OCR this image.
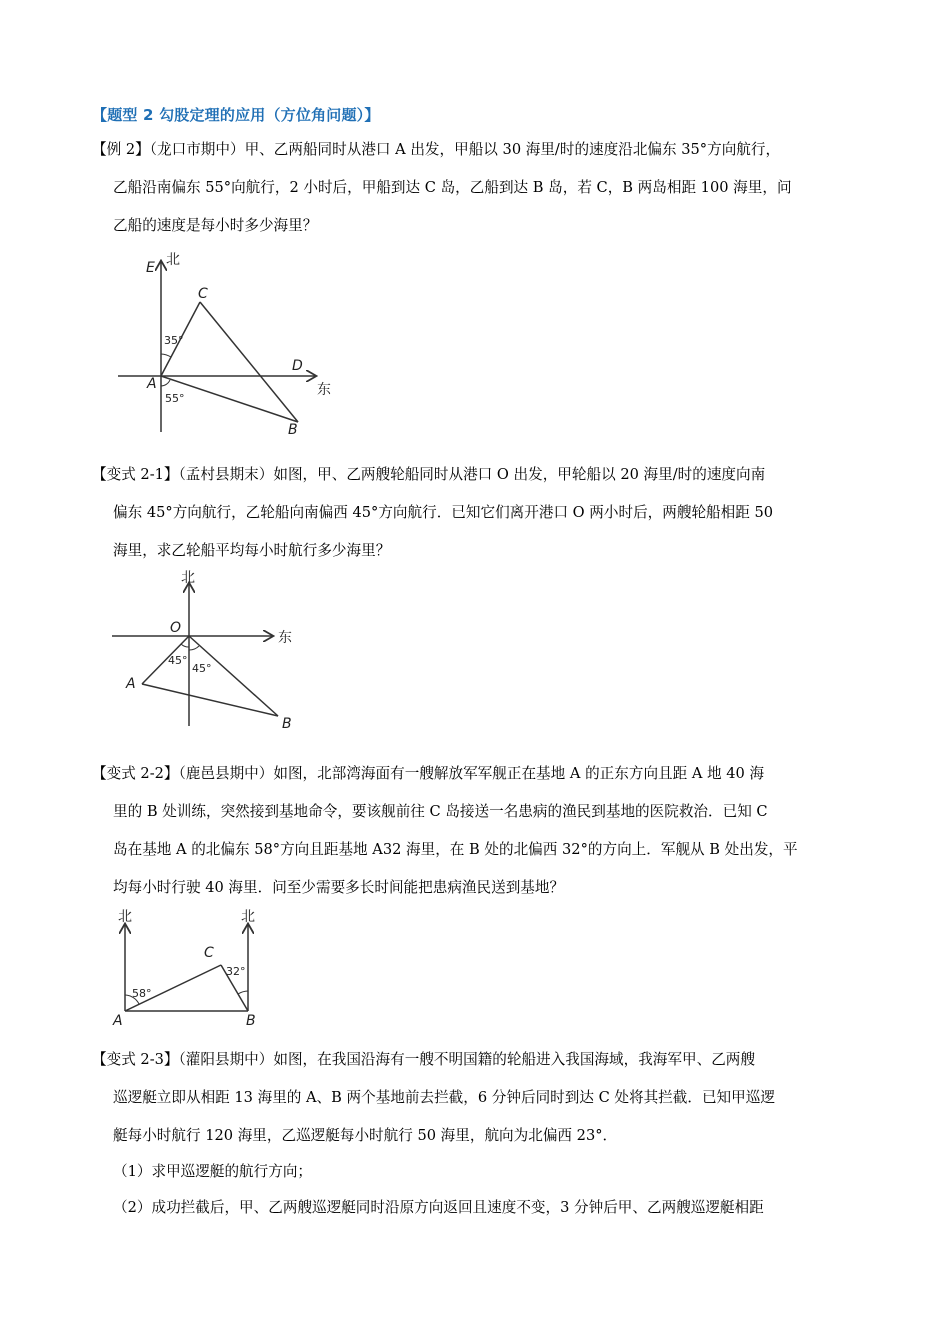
【题型 2 勾股定理的应用（方位角问题）】
【例 2】（龙口市期中）甲、乙两船同时从港口 A 出发，甲船以 30 海里/时的速度沿北偏东 35°方向航行，
乙船沿南偏东 55°向航行，2 小时后，甲船到达 C 岛，乙船到达 B 岛，若 C，B 两岛相距 100 海里，问
乙船的速度是每小时多少海里？
E 北
C
35°
D
A	东
55°
B
【变式 2-1】（孟村县期末）如图，甲、乙两艘轮船同时从港口 O 出发，甲轮船以 20 海里/时的速度向南
偏东 45°方向航行，乙轮船向南偏西 45°方向航行．已知它们离开港口 O 两小时后，两艘轮船相距 50
海里，求乙轮船平均每小时航行多少海里？
北
O
东
45°
45°
A
B
【变式 2-2】（鹿邑县期中）如图，北部湾海面有一艘解放军军舰正在基地 A 的正东方向且距 A 地 40 海
里的 B 处训练，突然接到基地命令，要该舰前往 C 岛接送一名患病的渔民到基地的医院救治．已知 C
岛在基地 A 的北偏东 58°方向且距基地 A32 海里，在 B 处的北偏西 32°的方向上．军舰从 B 处出发，平
均每小时行驶 40 海里．问至少需要多长时间能把患病渔民送到基地？
北	北
C
32°
58°
A	B
【变式 2-3】（灌阳县期中）如图，在我国沿海有一艘不明国籍的轮船进入我国海域，我海军甲、乙两艘
巡逻艇立即从相距 13 海里的 A、B 两个基地前去拦截，6 分钟后同时到达 C 处将其拦截．已知甲巡逻
艇每小时航行 120 海里，乙巡逻艇每小时航行 50 海里，航向为北偏西 23°．
（1）求甲巡逻艇的航行方向；
（2）成功拦截后，甲、乙两艘巡逻艇同时沿原方向返回且速度不变，3 分钟后甲、乙两艘巡逻艇相距
